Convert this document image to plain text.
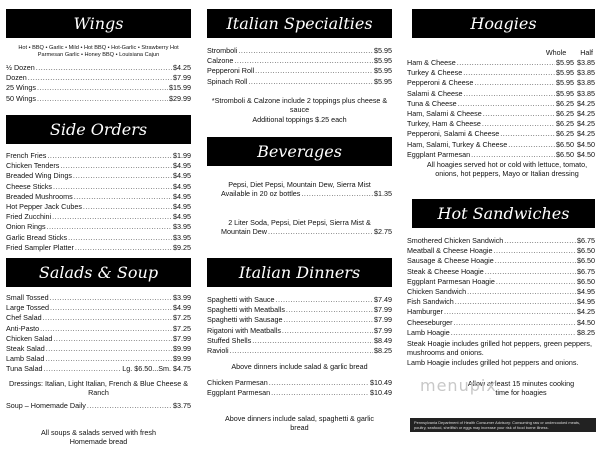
Wings
Hot • BBQ • Garlic • Mild • Hot BBQ • Hot-Garlic • Strawberry Hot Parmesan Garlic • Honey BBQ • Louisiana Cajun
½ Dozen .....	$4.25
Dozen .....	$7.99
25 Wings .....	$15.99
50 Wings .....	$29.99
Side Orders
French Fries .....	$1.99
Chicken Tenders .....	$4.95
Breaded Wing Dings .....	$4.95
Cheese Sticks .....	$4.95
Breaded Mushrooms .....	$4.95
Hot Pepper Jack Cubes .....	$4.95
Fried Zucchini .....	$4.95
Onion Rings .....	$3.95
Garlic Bread Sticks .....	$3.95
Fried Sampler Platter .....	$9.25
Salads & Soup
Small Tossed .....	$3.99
Large Tossed .....	$4.99
Chef Salad .....	$7.25
Anti-Pasto .....	$7.25
Chicken Salad .....	$7.99
Steak Salad .....	$9.99
Lamb Salad .....	$9.99
Tuna Salad .....	Lg. $6.50...Sm. $4.75
Dressings: Italian, Light Italian, French & Blue Cheese & Ranch
Soup – Homemade Daily .....	$3.75
All soups & salads served with fresh Homemade bread
Italian Specialties
Stromboli .....	$5.95
Calzone .....	$5.95
Pepperoni Roll .....	$5.95
Spinach Roll .....	$5.95
*Stromboli & Calzone include 2 toppings plus cheese & sauce
Additional toppings $.25 each
Beverages
Pepsi, Diet Pepsi, Mountain Dew, Sierra Mist
Available in 20 oz bottles .....	$1.35
2 Liter Soda, Pepsi, Diet Pepsi, Sierra Mist &
Mountain Dew .....	$2.75
Italian Dinners
Spaghetti with Sauce .....	$7.49
Spaghetti with Meatballs .....	$7.99
Spaghetti with Sausage .....	$7.99
Rigatoni with Meatballs .....	$7.99
Stuffed Shells .....	$8.49
Ravioli .....	$8.25
Above dinners include salad & garlic bread
Chicken Parmesan .....	$10.49
Eggplant Parmesan .....	$10.49
Above dinners include salad, spaghetti & garlic bread
Hoagies
Whole Half
Ham & Cheese .....	$5.95 $3.85
Turkey & Cheese .....	$5.95 $3.85
Pepperoni & Cheese .....	$5.95 $3.85
Salami & Cheese .....	$5.95 $3.85
Tuna & Cheese .....	$6.25 $4.25
Ham, Salami & Cheese .....	$6.25 $4.25
Turkey, Ham & Cheese .....	$6.25 $4.25
Pepperoni, Salami & Cheese .....	$6.25 $4.25
Ham, Salami, Turkey & Cheese .....	$6.50 $4.50
Eggplant Parmesan .....	$6.50 $4.50
All hoagies served hot or cold with lettuce, tomato, onions, hot peppers, Mayo or Italian dressing
Hot Sandwiches
Smothered Chicken Sandwich .....	$6.75
Meatball & Cheese Hoagie .....	$6.50
Sausage & Cheese Hoagie .....	$6.50
Steak & Cheese Hoagie .....	$6.75
Eggplant Parmesan Hoagie .....	$6.50
Chicken Sandwich .....	$4.95
Fish Sandwich .....	$4.95
Hamburger .....	$4.25
Cheeseburger .....	$4.50
Lamb Hoagie .....	$8.25
Steak Hoagie includes grilled hot peppers, green peppers, mushrooms and onions.
Lamb Hoagie includes grilled hot peppers and onions.
Allow at least 15 minutes cooking time for hoagies
menupix
Pennsylvania Department of Health Consumer Advisory: Consuming raw or undercooked meats, poultry, seafood, shellfish or eggs may increase your risk of food borne illness.
